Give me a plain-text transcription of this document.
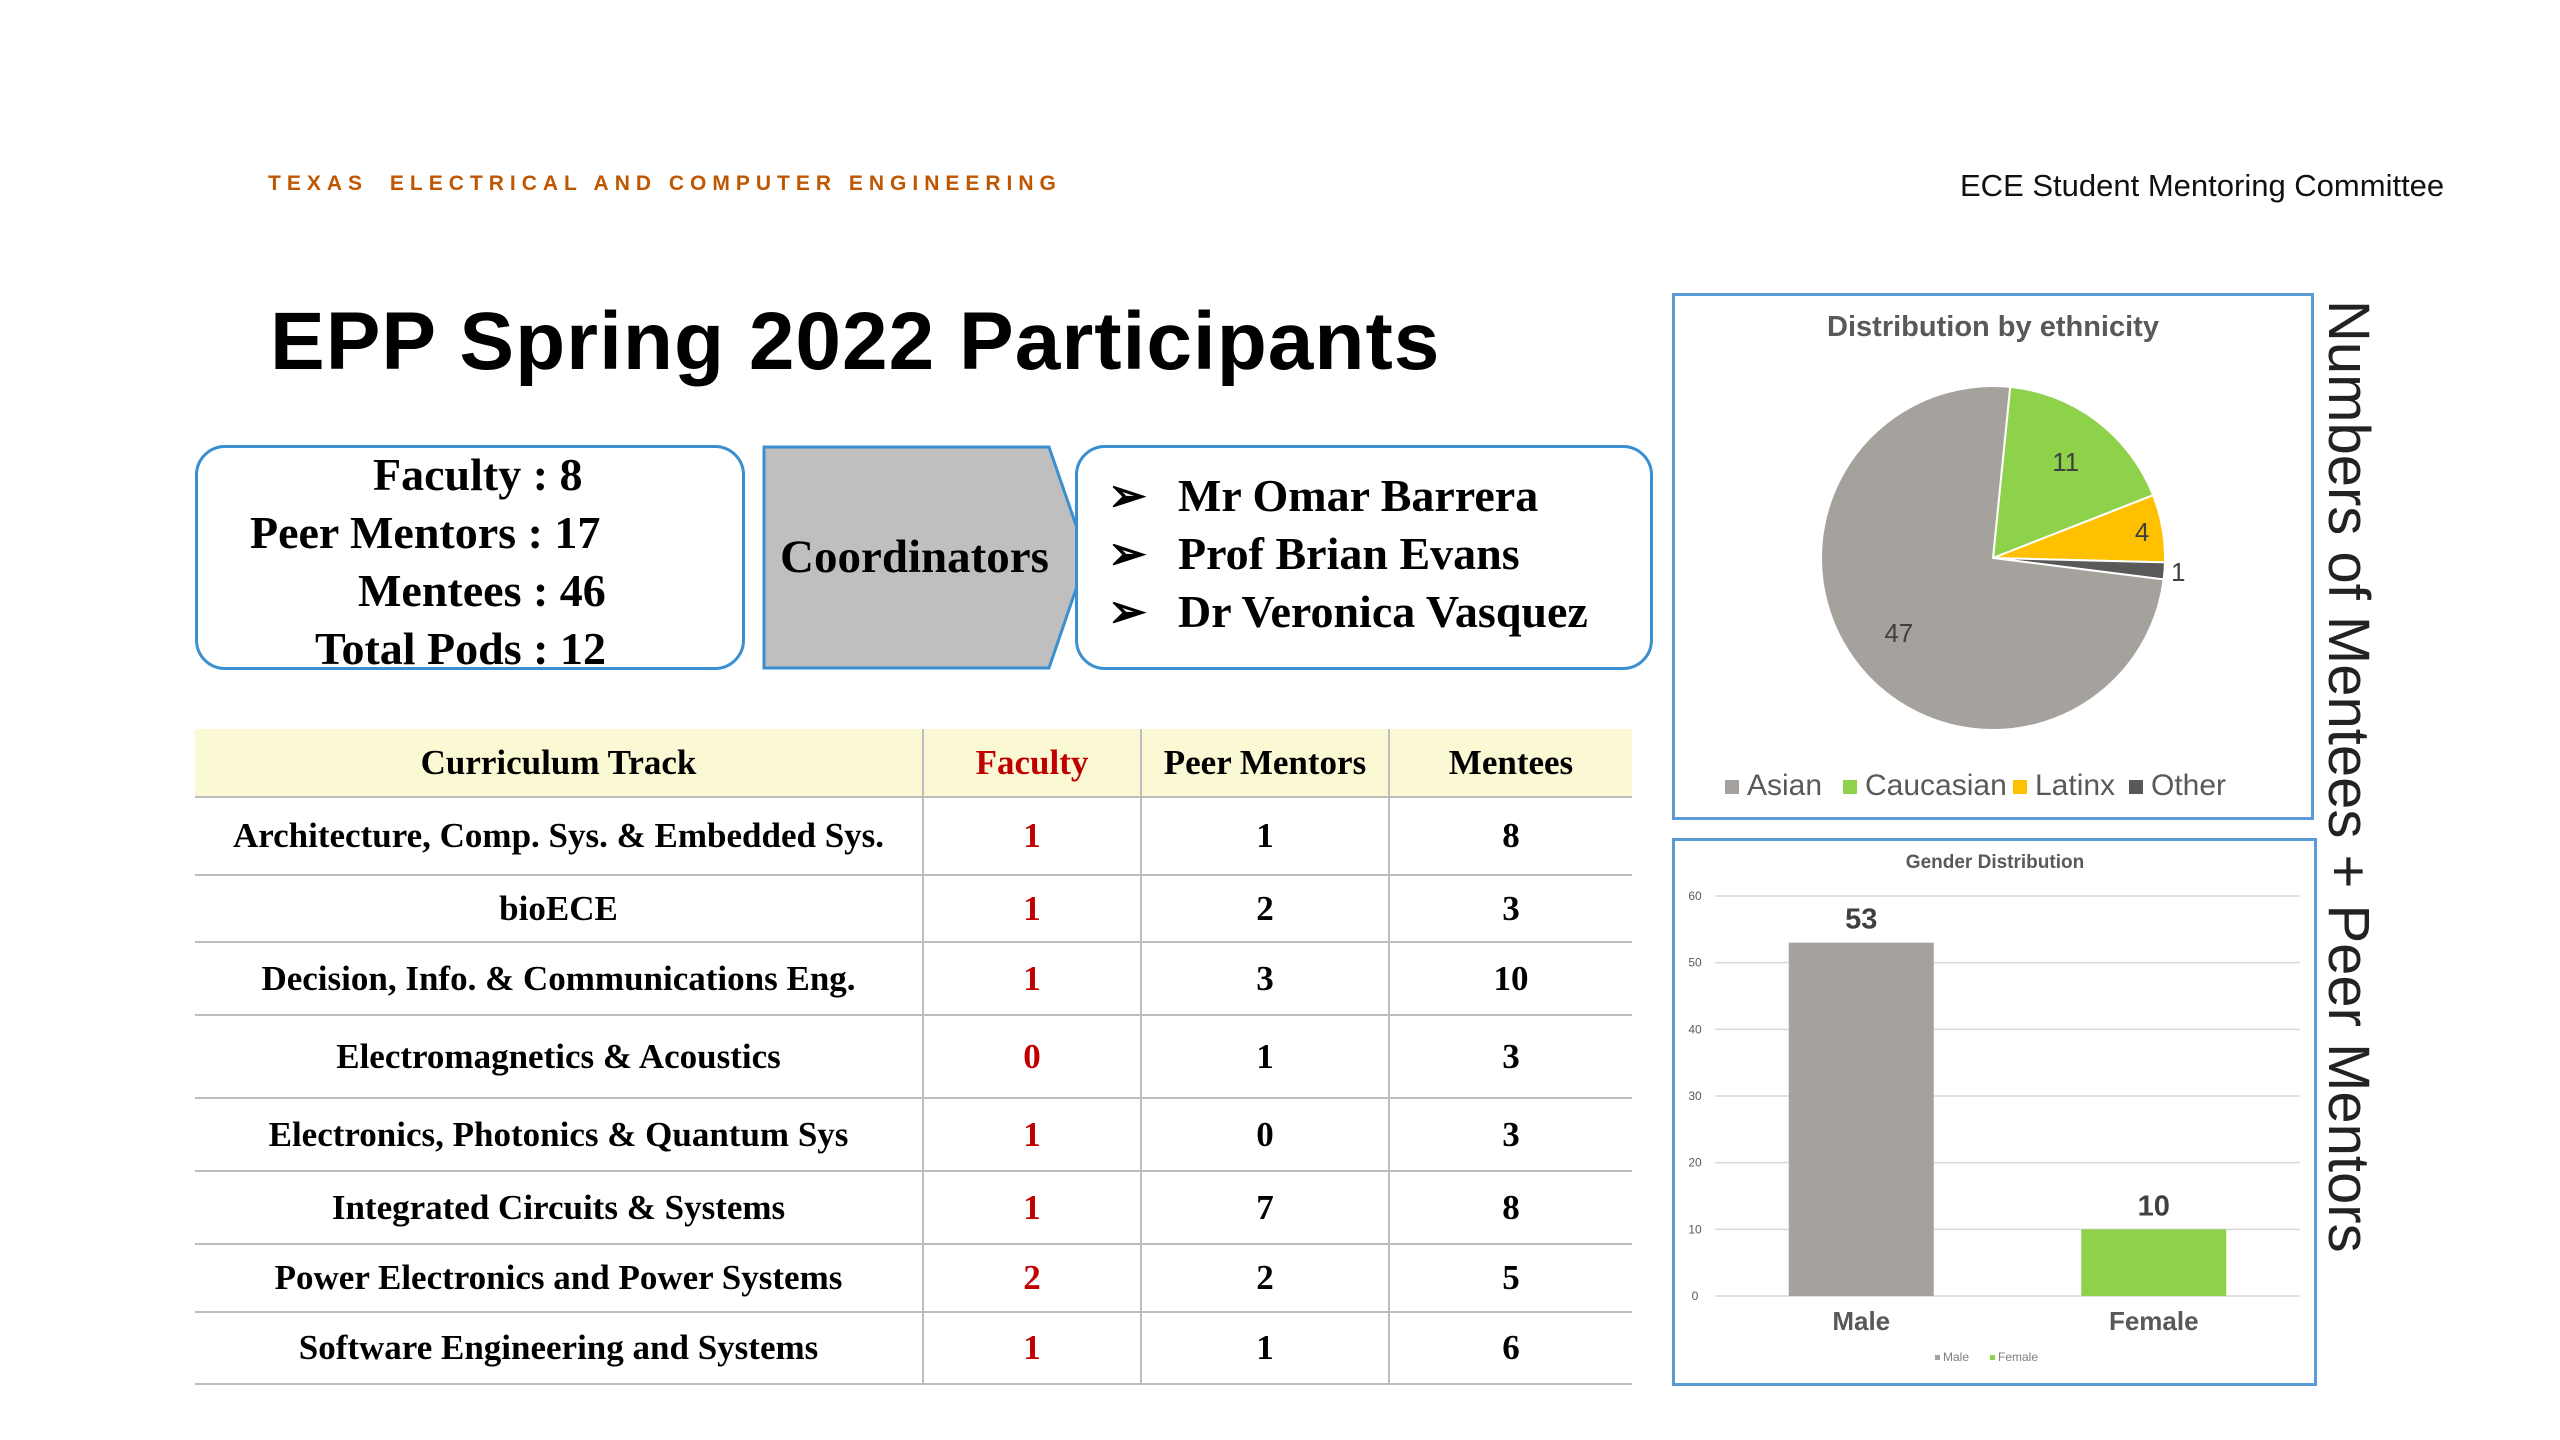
TEXAS ELECTRICAL AND COMPUTER ENGINEERING	ECE Student Mentoring Committee
EPP Spring 2022 Participants
Faculty : 8
Peer Mentors : 17
Mentees : 46
Total Pods : 12
Coordinators
➢ Mr Omar Barrera
➢ Prof Brian Evans
➢ Dr Veronica Vasquez
Curriculum Track	Faculty	Peer Mentors	Mentees
Architecture, Comp. Sys. & Embedded Sys.	1	1	8
bioECE	1	2	3
Decision, Info. & Communications Eng.	1	3	10
Electromagnetics & Acoustics	0	1	3
Electronics, Photonics & Quantum Sys	1	0	3
Integrated Circuits & Systems	1	7	8
Power Electronics and Power Systems	2	2	5
Software Engineering and Systems	1	1	6
Distribution by ethnicity
11
4
1
47
Asian Caucasian Latinx Other
Gender Distribution
0
10
20
30
40
50
60
53
Male
10
Female
Male Female
Numbers of Mentees + Peer Mentors
